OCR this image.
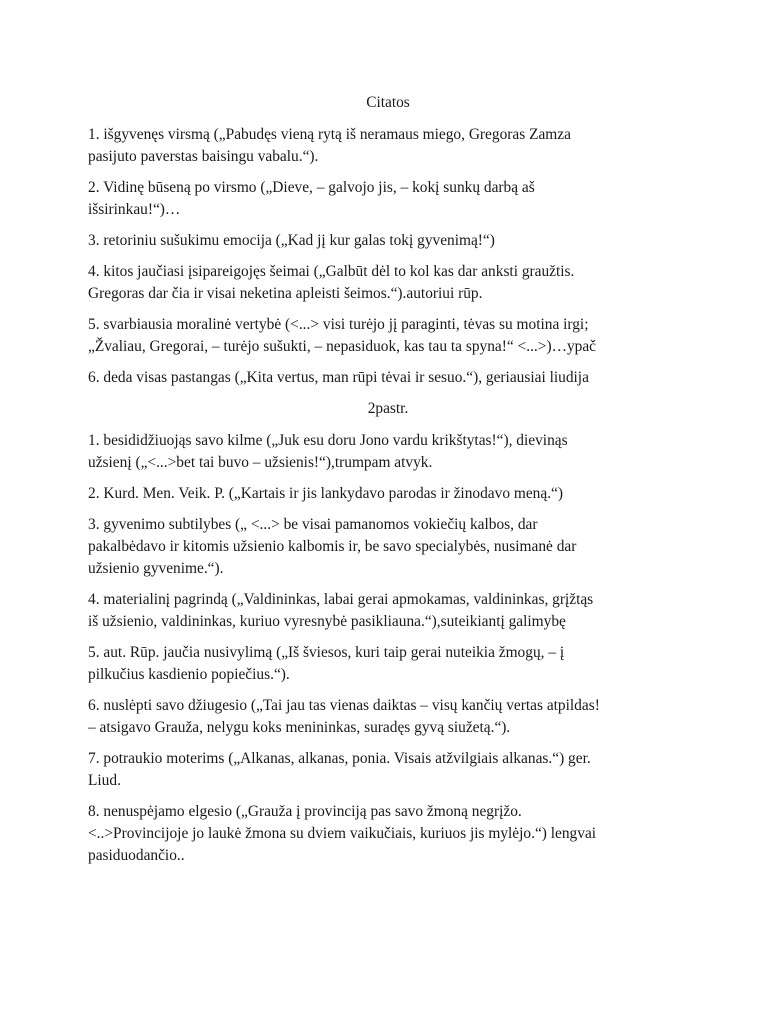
Citatos
1. išgyvenęs virsmą („Pabudęs vieną rytą iš neramaus miego, Gregoras Zamza
pasijuto paverstas baisingu vabalu.“).
2. Vidinę būseną po virsmo („Dieve, – galvojo jis, – kokį sunkų darbą aš
išsirinkau!“)…
3. retoriniu sušukimu emocija („Kad jį kur galas tokį gyvenimą!“)
4. kitos jaučiasi įsipareigojęs šeimai („Galbūt dėl to kol kas dar anksti graužtis.
Gregoras dar čia ir visai neketina apleisti šeimos.“).autoriui rūp.
5. svarbiausia moralinė vertybė (<...> visi turėjo jį paraginti, tėvas su motina irgi;
„Žvaliau, Gregorai, – turėjo sušukti, – nepasiduok, kas tau ta spyna!“ <...>)…ypač
6. deda visas pastangas („Kita vertus, man rūpi tėvai ir sesuo.“), geriausiai liudija
2pastr.
1. besididžiuojąs savo kilme („Juk esu doru Jono vardu krikštytas!“), dievinąs
užsienį („<...>bet tai buvo – užsienis!“),trumpam atvyk.
2. Kurd. Men. Veik. P. („Kartais ir jis lankydavo parodas ir žinodavo meną.“)
3. gyvenimo subtilybes („ <...> be visai pamanomos vokiečių kalbos, dar
pakalbėdavo ir kitomis užsienio kalbomis ir, be savo specialybės, nusimanė dar
užsienio gyvenime.“).
4. materialinį pagrindą („Valdininkas, labai gerai apmokamas, valdininkas, grįžtąs
iš užsienio, valdininkas, kuriuo vyresnybė pasikliauna.“),suteikiantį galimybę
5. aut. Rūp. jaučia nusivylimą („Iš šviesos, kuri taip gerai nuteikia žmogų, – į
pilkučius kasdienio popiečius.“).
6. nuslėpti savo džiugesio („Tai jau tas vienas daiktas – visų kančių vertas atpildas!
– atsigavo Grauža, nelygu koks menininkas, suradęs gyvą siužetą.“).
7. potraukio moterims („Alkanas, alkanas, ponia. Visais atžvilgiais alkanas.“) ger.
Liud.
8. nenuspėjamo elgesio („Grauža į provinciją pas savo žmoną negrįžo.
<..>Provincijoje jo laukė žmona su dviem vaikučiais, kuriuos jis mylėjo.“) lengvai
pasiduodančio..
